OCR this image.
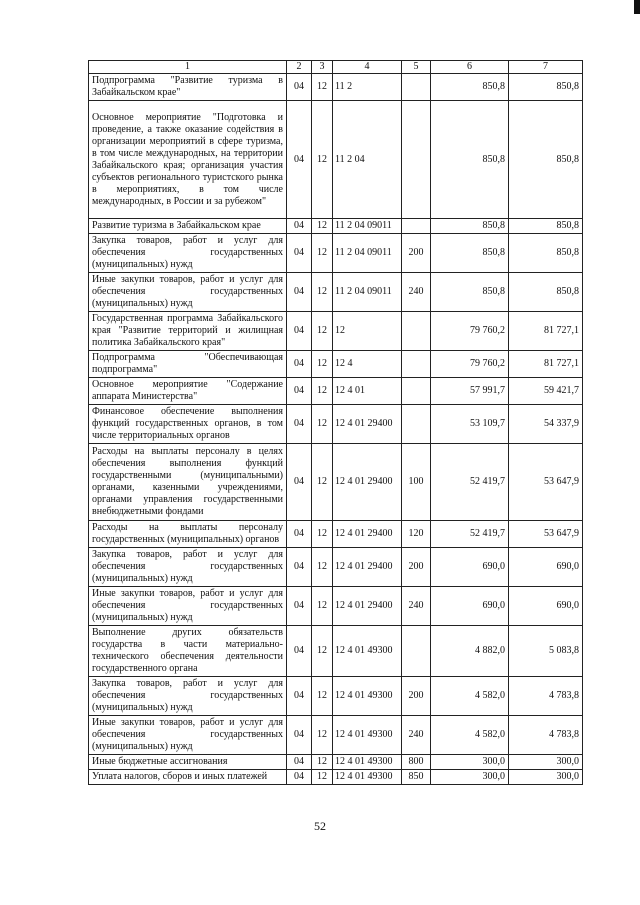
1	2	3	4	5	6	7
Подпрограмма "Развитие туризма в Забайкальском крае"	04	12	11 2		850,8	850,8
Основное мероприятие "Подготовка и проведение, а также оказание содействия в организации мероприятий в сфере туризма, в том числе международных, на территории Забайкальского края; организация участия субъектов регионального туристского рынка в мероприятиях, в том числе международных, в России и за рубежом"	04	12	11 2 04		850,8	850,8
Развитие туризма в Забайкальском крае	04	12	11 2 04 09011		850,8	850,8
Закупка товаров, работ и услуг для обеспечения государственных (муниципальных) нужд	04	12	11 2 04 09011	200	850,8	850,8
Иные закупки товаров, работ и услуг для обеспечения государственных (муниципальных) нужд	04	12	11 2 04 09011	240	850,8	850,8
Государственная программа Забайкальского края "Развитие территорий и жилищная политика Забайкальского края"	04	12	12		79 760,2	81 727,1
Подпрограмма "Обеспечивающая подпрограмма"	04	12	12 4		79 760,2	81 727,1
Основное мероприятие "Содержание аппарата Министерства"	04	12	12 4 01		57 991,7	59 421,7
Финансовое обеспечение выполнения функций государственных органов, в том числе территориальных органов	04	12	12 4 01 29400		53 109,7	54 337,9
Расходы на выплаты персоналу в целях обеспечения выполнения функций государственными (муниципальными) органами, казенными учреждениями, органами управления государственными внебюджетными фондами	04	12	12 4 01 29400	100	52 419,7	53 647,9
Расходы на выплаты персоналу государственных (муниципальных) органов	04	12	12 4 01 29400	120	52 419,7	53 647,9
Закупка товаров, работ и услуг для обеспечения государственных (муниципальных) нужд	04	12	12 4 01 29400	200	690,0	690,0
Иные закупки товаров, работ и услуг для обеспечения государственных (муниципальных) нужд	04	12	12 4 01 29400	240	690,0	690,0
Выполнение других обязательств государства в части материально-технического обеспечения деятельности государственного органа	04	12	12 4 01 49300		4 882,0	5 083,8
Закупка товаров, работ и услуг для обеспечения государственных (муниципальных) нужд	04	12	12 4 01 49300	200	4 582,0	4 783,8
Иные закупки товаров, работ и услуг для обеспечения государственных (муниципальных) нужд	04	12	12 4 01 49300	240	4 582,0	4 783,8
Иные бюджетные ассигнования	04	12	12 4 01 49300	800	300,0	300,0
Уплата налогов, сборов и иных платежей	04	12	12 4 01 49300	850	300,0	300,0
52
